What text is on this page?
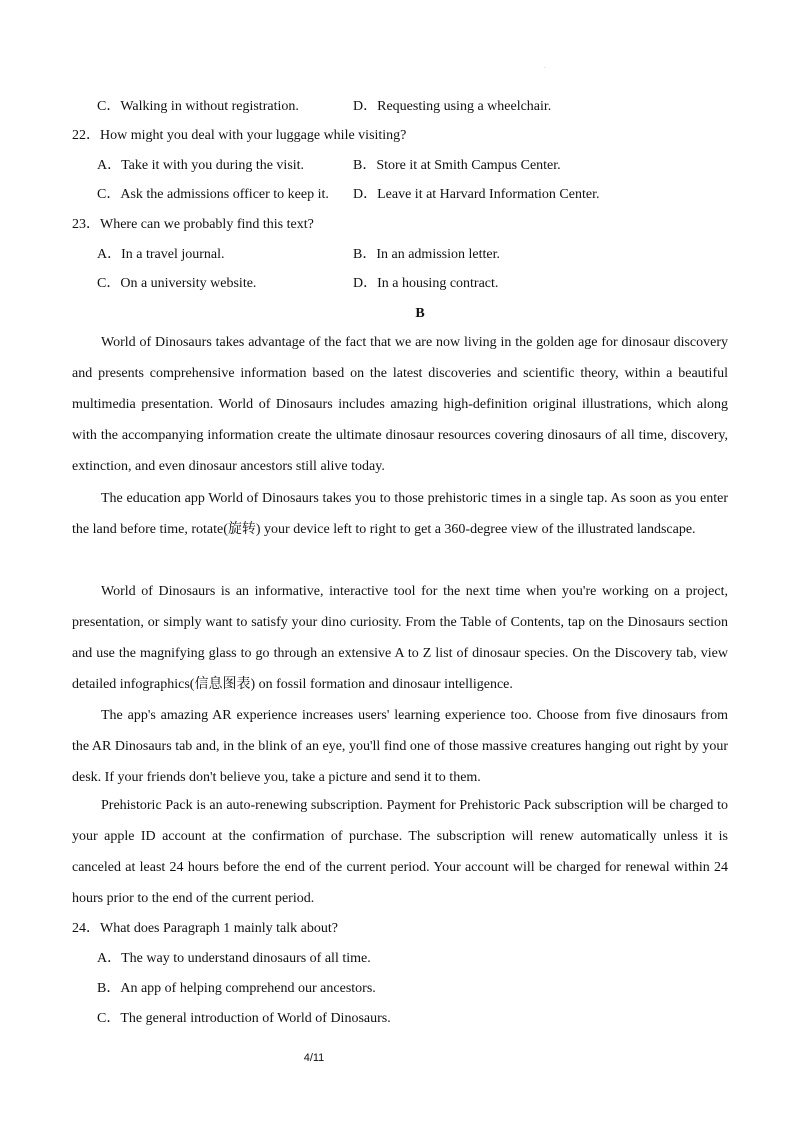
.
C．Walking in without registration.	D．Requesting using a wheelchair.
22．How might you deal with your luggage while visiting?
A．Take it with you during the visit.	B．Store it at Smith Campus Center.
C．Ask the admissions officer to keep it. D．Leave it at Harvard Information Center.
23．Where can we probably find this text?
A．In a travel journal.	B．In an admission letter.
C．On a university website.	D．In a housing contract.
B

World of Dinosaurs takes advantage of the fact that we are now living in the golden age for dinosaur discovery and presents comprehensive information based on the latest discoveries and scientific theory, within a beautiful multimedia presentation. World of Dinosaurs includes amazing high-definition original illustrations, which along with the accompanying information create the ultimate dinosaur resources covering dinosaurs of all time, discovery, extinction, and even dinosaur ancestors still alive today.

The education app World of Dinosaurs takes you to those prehistoric times in a single tap. As soon as you enter the land before time, rotate(旋转) your device left to right to get a 360-degree view of the illustrated landscape.

World of Dinosaurs is an informative, interactive tool for the next time when you're working on a project, presentation, or simply want to satisfy your dino curiosity. From the Table of Contents, tap on the Dinosaurs section and use the magnifying glass to go through an extensive A to Z list of dinosaur species. On the Discovery tab, view detailed infographics(信息图表) on fossil formation and dinosaur intelligence.

The app's amazing AR experience increases users' learning experience too. Choose from five dinosaurs from the AR Dinosaurs tab and, in the blink of an eye, you'll find one of those massive creatures hanging out right by your desk. If your friends don't believe you, take a picture and send it to them.

Prehistoric Pack is an auto-renewing subscription. Payment for Prehistoric Pack subscription will be charged to your apple ID account at the confirmation of purchase. The subscription will renew automatically unless it is canceled at least 24 hours before the end of the current period. Your account will be charged for renewal within 24 hours prior to the end of the current period.

24．What does Paragraph 1 mainly talk about?
A．The way to understand dinosaurs of all time.
B．An app of helping comprehend our ancestors.
C．The general introduction of World of Dinosaurs.
4/11
